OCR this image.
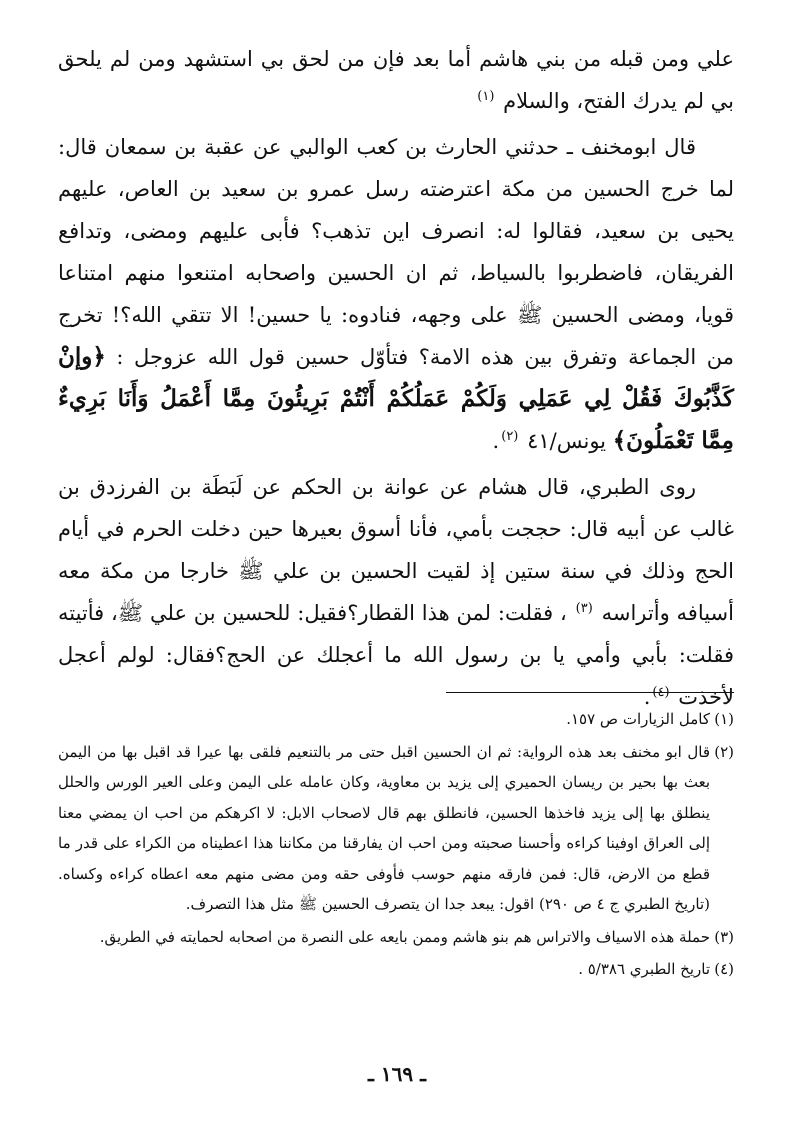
علي ومن قبله من بني هاشم أما بعد فإن من لحق بي استشهد ومن لم يلحق بي لم يدرك الفتح، والسلام $^{(١)}$

قال ابومخنف ـ حدثني الحارث بن كعب الوالبي عن عقبة بن سمعان قال: لما خرج الحسين من مكة اعترضته رسل عمرو بن سعيد بن العاص، عليهم يحيى بن سعيد، فقالوا له: انصرف اين تذهب؟ فأبى عليهم ومضى، وتدافع الفريقان، فاضطربوا بالسياط، ثم ان الحسين واصحابه امتنعوا منهم امتناعا قويا، ومضى الحسين ﷺ على وجهه، فنادوه: يا حسين! الا تتقي الله؟! تخرج من الجماعة وتفرق بين هذه الامة؟ فتأوّل حسين قول الله عزوجل : ﴿وإنْ كَذَّبُوكَ فَقُلْ لِي عَمَلِي وَلَكُمْ عَمَلُكُمْ أَنْتُمْ بَرِيئُونَ مِمَّا أَعْمَلُ وَأَنَا بَرِيءٌ مِمَّا تَعْمَلُونَ﴾ يونس/٤١ $^{(٢)}$.

روى الطبري، قال هشام عن عوانة بن الحكم عن لَبَطَة بن الفرزدق بن غالب عن أبيه قال: حججت بأمي، فأنا أسوق بعيرها حين دخلت الحرم في أيام الحج وذلك في سنة ستين إذ لقيت الحسين بن علي ﷺ خارجا من مكة معه أسيافه وأتراسه $^{(٣)}$ ، فقلت: لمن هذا القطار؟فقيل: للحسين بن علي ﷺ، فأتيته فقلت: بأبي وأمي يا بن رسول الله ما أعجلك عن الحج؟فقال: لولم أعجل لأخذت $^{(٤)}$.

(١)
كامل الزيارات ص ١٥٧.
(٢)
قال ابو مخنف بعد هذه الرواية: ثم ان الحسين اقبل حتى مر بالتنعيم فلقى بها عيرا قد اقبل بها من اليمن بعث بها بحير بن ريسان الحميري إلى يزيد بن معاوية، وكان عامله على اليمن وعلى العير الورس والحلل ينطلق بها إلى يزيد فاخذها الحسين، فانطلق بهم قال لاصحاب الابل: لا اكرهكم من احب ان يمضي معنا إلى العراق اوفينا كراءه وأحسنا صحبته ومن احب ان يفارقنا من مكاننا هذا اعطيناه من الكراء على قدر ما قطع من الارض، قال: فمن فارقه منهم حوسب فأوفى حقه ومن مضى منهم معه اعطاه كراءه وكساه. (تاريخ الطبري ج ٤ ص ٢٩٠) اقول: يبعد جدا ان يتصرف الحسين ﷺ مثل هذا التصرف.
(٣)
حملة هذه الاسياف والاتراس هم بنو هاشم وممن بايعه على النصرة من اصحابه لحمايته في الطريق.
(٤)
تاريخ الطبري ٥/٣٨٦ .
ـ ١٦٩ ـ
